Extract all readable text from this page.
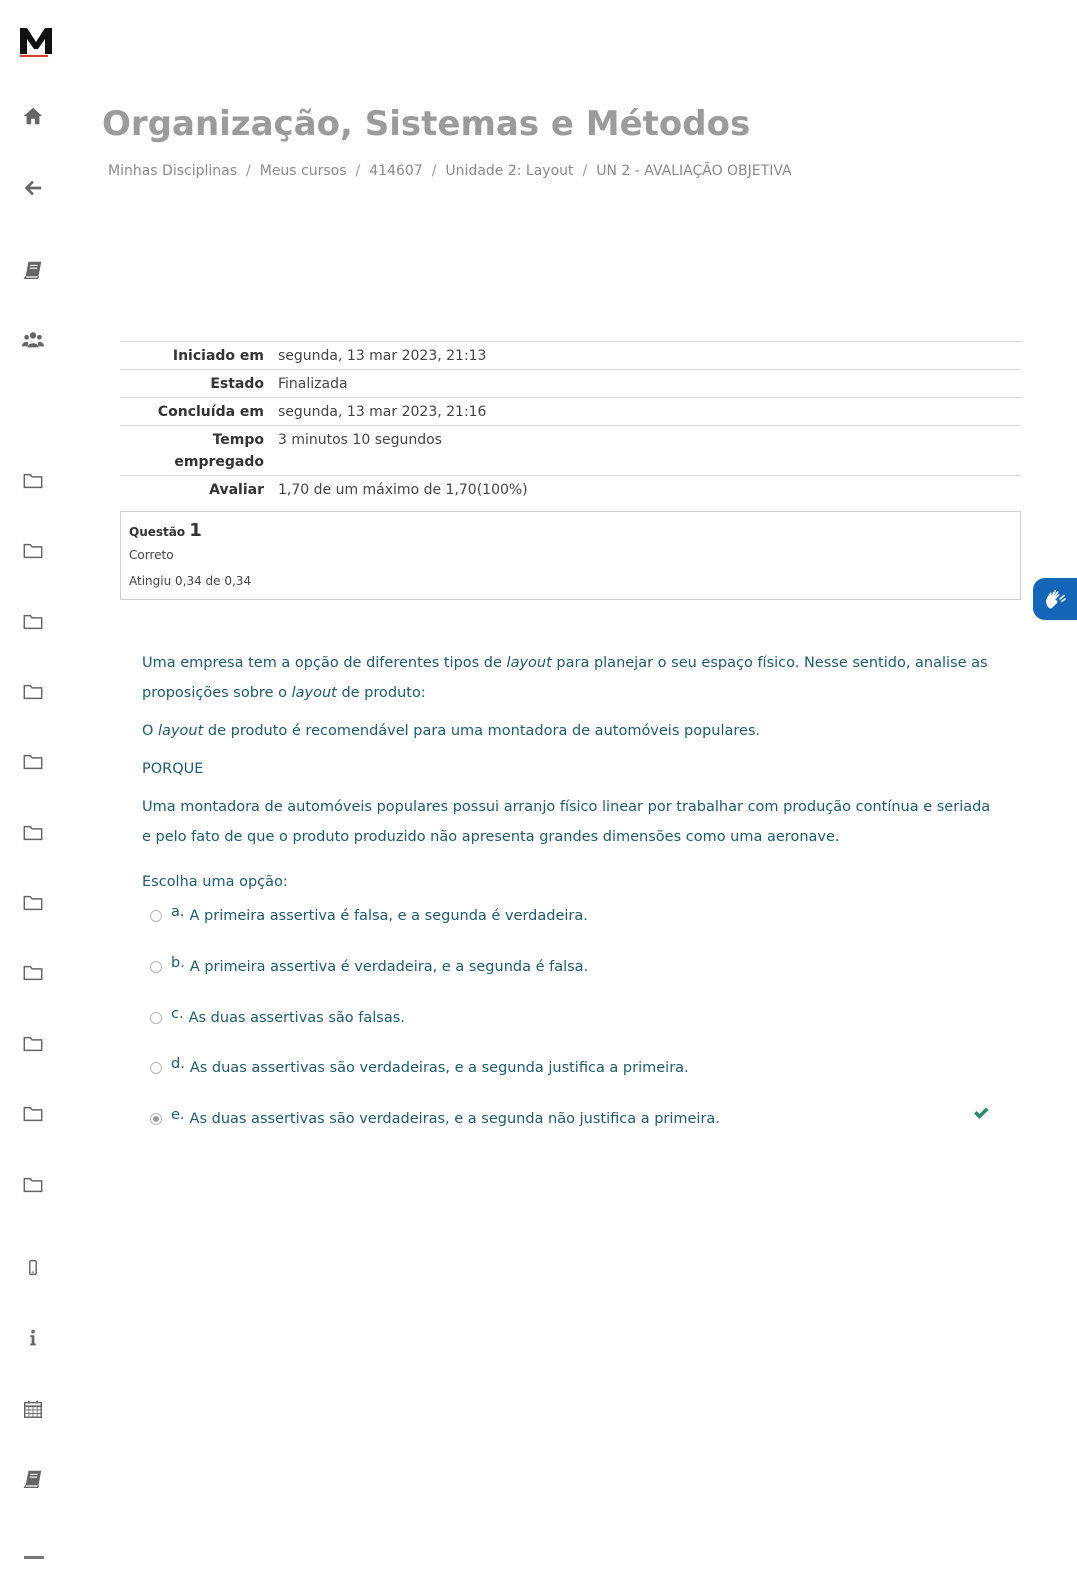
Organização, Sistemas e Métodos
Minhas Disciplinas / Meus cursos / 414607 / Unidade 2: Layout / UN 2 - AVALIAÇÃO OBJETIVA
Iniciado em	segunda, 13 mar 2023, 21:13
Estado	Finalizada
Concluída em	segunda, 13 mar 2023, 21:16
Tempo empregado	3 minutos 10 segundos
Avaliar	1,70 de um máximo de 1,70(100%)
Questão 1
Correto
Atingiu 0,34 de 0,34

Uma empresa tem a opção de diferentes tipos de layout para planejar o seu espaço físico. Nesse sentido, analise as proposições sobre o layout de produto:

O layout de produto é recomendável para uma montadora de automóveis populares.

PORQUE

Uma montadora de automóveis populares possui arranjo físico linear por trabalhar com produção contínua e seriada e pelo fato de que o produto produzido não apresenta grandes dimensões como uma aeronave.

Escolha uma opção:
a. A primeira assertiva é falsa, e a segunda é verdadeira.
b. A primeira assertiva é verdadeira, e a segunda é falsa.
c. As duas assertivas são falsas.
d. As duas assertivas são verdadeiras, e a segunda justifica a primeira.
e. As duas assertivas são verdadeiras, e a segunda não justifica a primeira.
